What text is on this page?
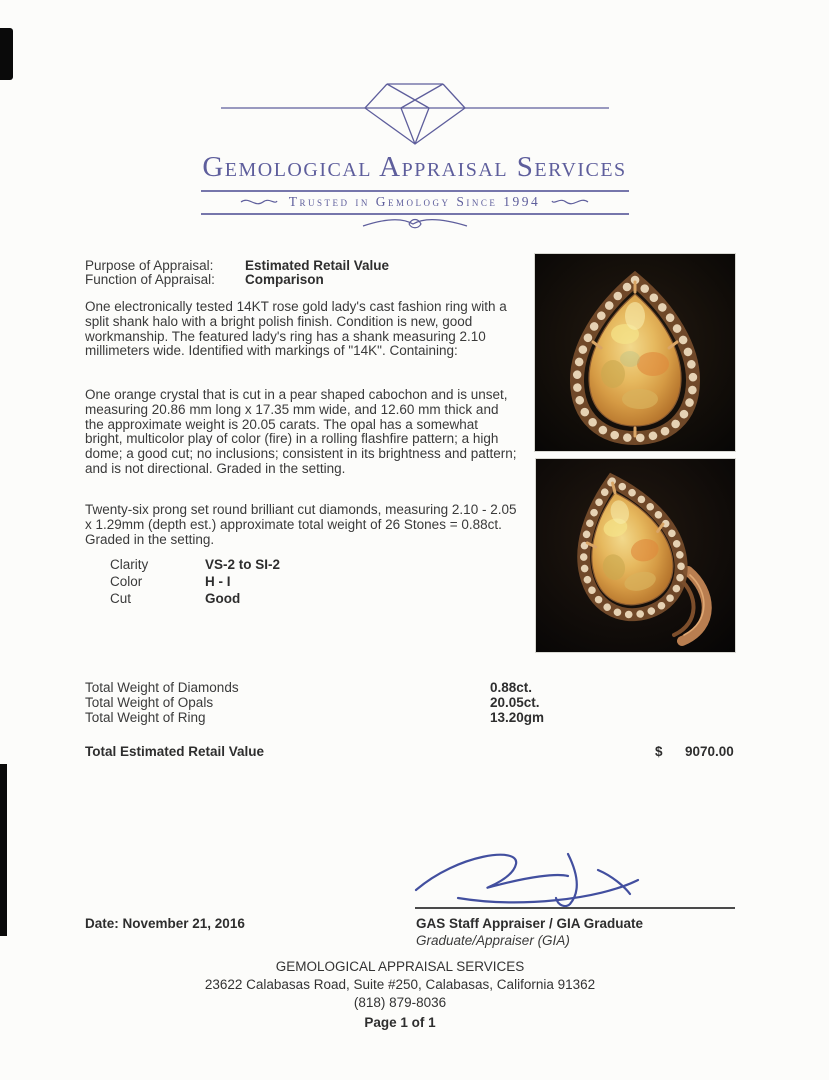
Gemological Appraisal Services
Trusted in Gemology Since 1994
Purpose of Appraisal: Estimated Retail Value
Function of Appraisal: Comparison
One electronically tested 14KT rose gold lady's cast fashion ring with a split shank halo with a bright polish finish. Condition is new, good workmanship. The featured lady's ring has a shank measuring 2.10 millimeters wide. Identified with markings of "14K". Containing:
One orange crystal that is cut in a pear shaped cabochon and is unset, measuring 20.86 mm long x 17.35 mm wide, and 12.60 mm thick and the approximate weight is 20.05 carats. The opal has a somewhat bright, multicolor play of color (fire) in a rolling flashfire pattern; a high dome; a good cut; no inclusions; consistent in its brightness and pattern; and is not directional. Graded in the setting.
Twenty-six prong set round brilliant cut diamonds, measuring 2.10 - 2.05 x 1.29mm (depth est.) approximate total weight of 26 Stones = 0.88ct. Graded in the setting.
Clarity	VS-2 to SI-2
Color	H - I
Cut	Good
Total Weight of Diamonds	0.88ct.
Total Weight of Opals	20.05ct.
Total Weight of Ring	13.20gm
Total Estimated Retail Value	$ 9070.00
Date: November 21, 2016	GAS Staff Appraiser / GIA Graduate
Graduate/Appraiser (GIA)
GEMOLOGICAL APPRAISAL SERVICES
23622 Calabasas Road, Suite #250, Calabasas, California 91362
(818) 879-8036
Page 1 of 1
